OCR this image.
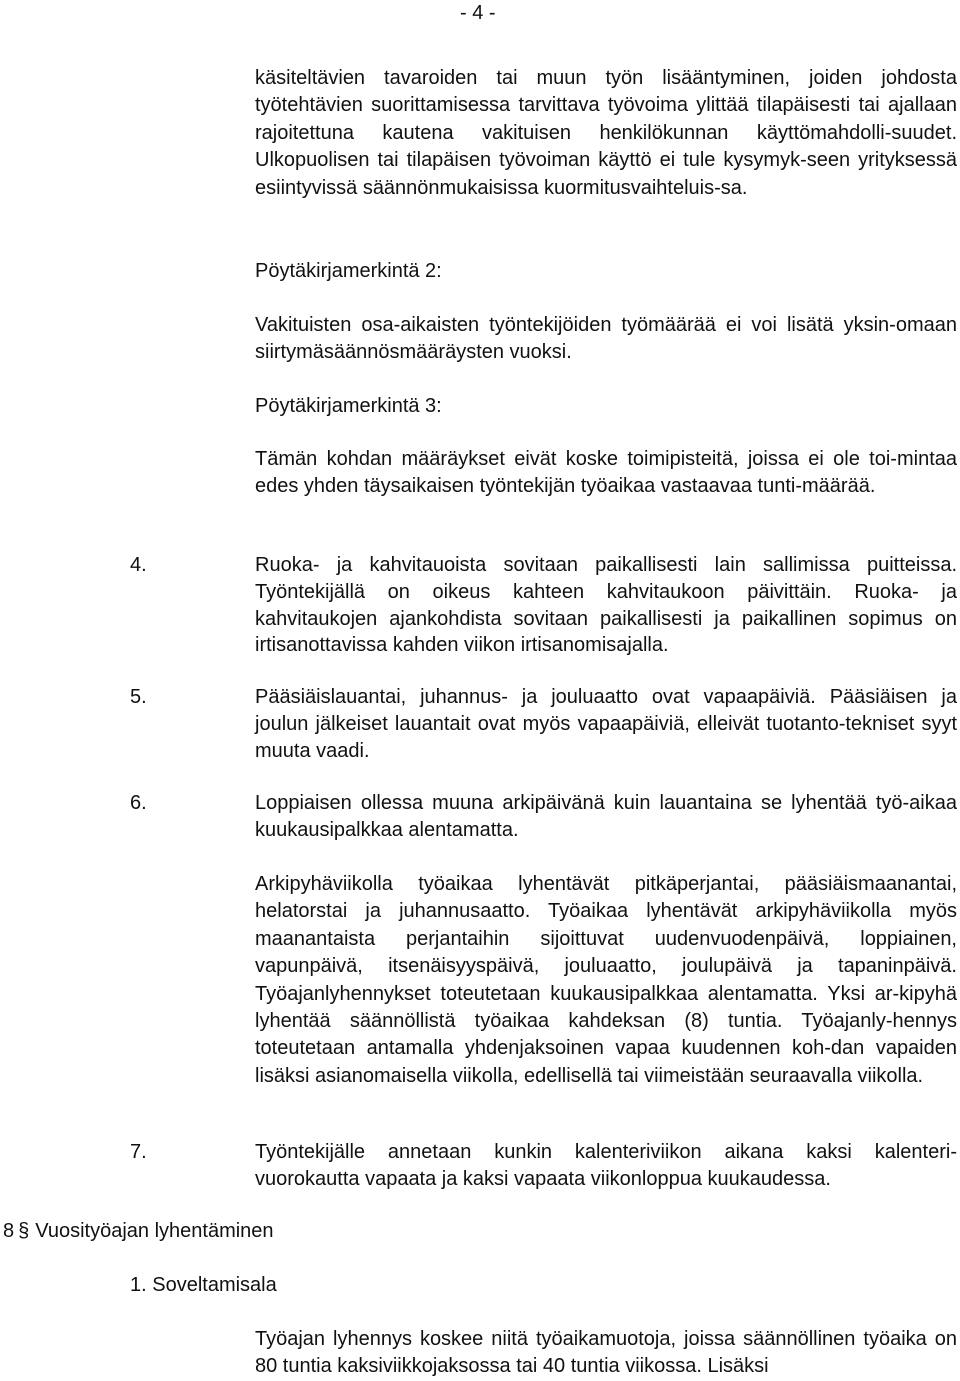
- 4 -

käsiteltävien tavaroiden tai muun työn lisääntyminen, joiden johdosta työtehtävien suorittamisessa tarvittava työvoima ylittää tilapäisesti tai ajallaan rajoitettuna kautena vakituisen henkilökunnan käyttömahdolli-suudet. Ulkopuolisen tai tilapäisen työvoiman käyttö ei tule kysymyk-seen yrityksessä esiintyvissä säännönmukaisissa kuormitusvaihteluis-sa.

Pöytäkirjamerkintä 2:

Vakituisten osa-aikaisten työntekijöiden työmäärää ei voi lisätä yksin-omaan siirtymäsäännösmääräysten vuoksi.

Pöytäkirjamerkintä 3:

Tämän kohdan määräykset eivät koske toimipisteitä, joissa ei ole toi-mintaa edes yhden täysaikaisen työntekijän työaikaa vastaavaa tunti-määrää.

4.	Ruoka- ja kahvitauoista sovitaan paikallisesti lain sallimissa puitteissa. Työntekijällä on oikeus kahteen kahvitaukoon päivittäin. Ruoka- ja kahvitaukojen ajankohdista sovitaan paikallisesti ja paikallinen sopimus on irtisanottavissa kahden viikon irtisanomisajalla.

5.	Pääsiäislauantai, juhannus- ja jouluaatto ovat vapaapäiviä. Pääsiäisen ja joulun jälkeiset lauantait ovat myös vapaapäiviä, elleivät tuotanto-tekniset syyt muuta vaadi.

6.	Loppiaisen ollessa muuna arkipäivänä kuin lauantaina se lyhentää työ-aikaa kuukausipalkkaa alentamatta.

Arkipyhäviikolla työaikaa lyhentävät pitkäperjantai, pääsiäismaanantai, helatorstai ja juhannusaatto. Työaikaa lyhentävät arkipyhäviikolla myös maanantaista perjantaihin sijoittuvat uudenvuodenpäivä, loppiainen, vapunpäivä, itsenäisyyspäivä, jouluaatto, joulupäivä ja tapaninpäivä. Työajanlyhennykset toteutetaan kuukausipalkkaa alentamatta. Yksi ar-kipyhä lyhentää säännöllistä työaikaa kahdeksan (8) tuntia. Työajanly-hennys toteutetaan antamalla yhdenjaksoinen vapaa kuudennen koh-dan vapaiden lisäksi asianomaisella viikolla, edellisellä tai viimeistään seuraavalla viikolla.

7.	Työntekijälle annetaan kunkin kalenteriviikon aikana kaksi kalenteri-vuorokautta vapaata ja kaksi vapaata viikonloppua kuukaudessa.

8 § Vuosityöajan lyhentäminen
1. Soveltamisala

Työajan lyhennys koskee niitä työaikamuotoja, joissa säännöllinen työaika on 80 tuntia kaksiviikkojaksossa tai 40 tuntia viikossa. Lisäksi
